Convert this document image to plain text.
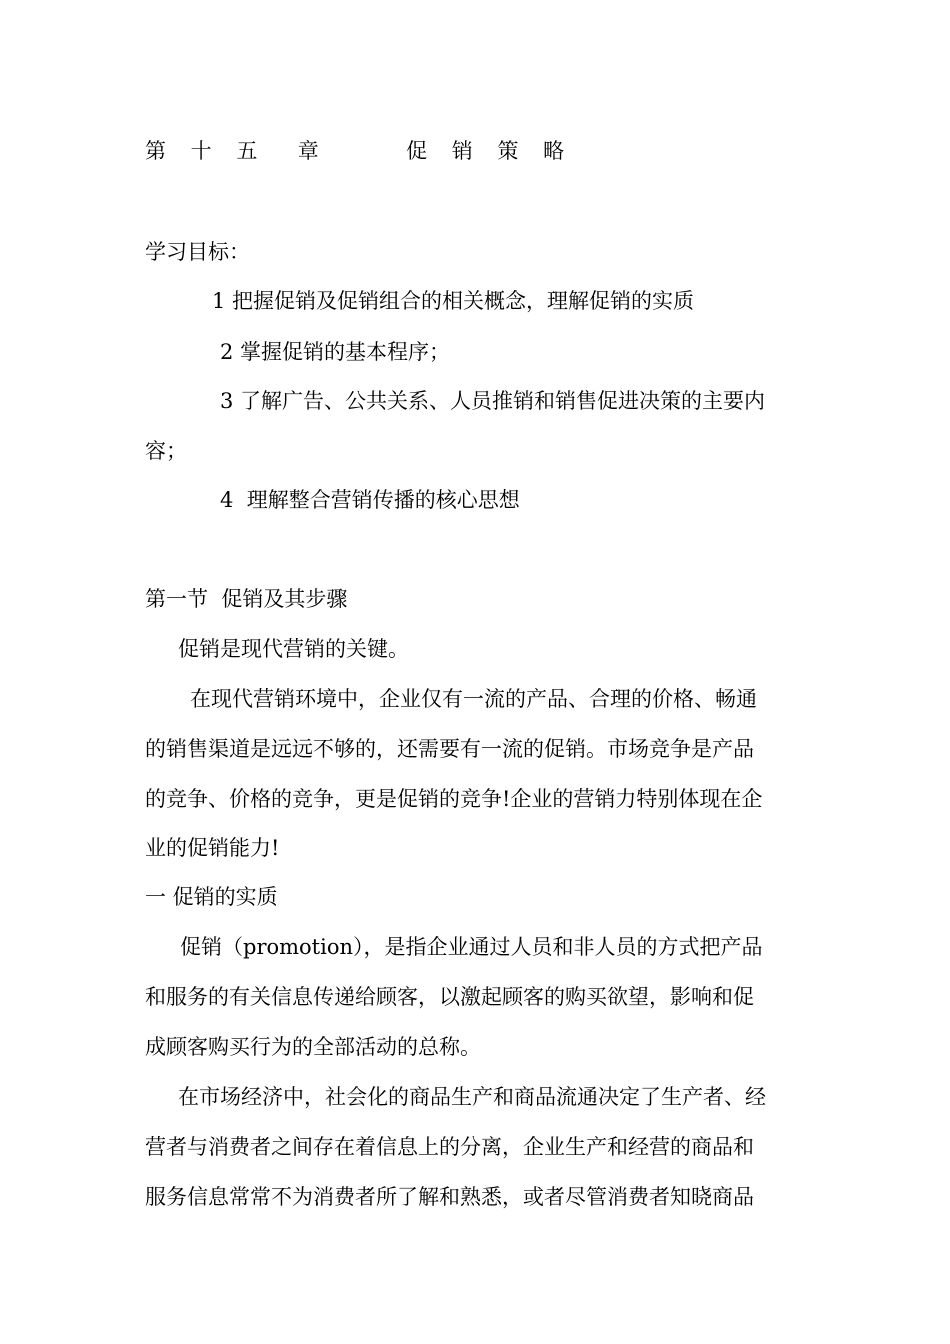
第 十 五  章     促 销 策 略
学习目标：
1 把握促销及促销组合的相关概念，理解促销的实质
2 掌握促销的基本程序；
3 了解广告、公共关系、人员推销和销售促进决策的主要内
容；
4  理解整合营销传播的核心思想
第一节  促销及其步骤
促销是现代营销的关键。
在现代营销环境中，企业仅有一流的产品、合理的价格、畅通
的销售渠道是远远不够的，还需要有一流的促销。市场竞争是产品
的竞争、价格的竞争，更是促销的竞争!企业的营销力特别体现在企
业的促销能力!
一 促销的实质
促销（promotion），是指企业通过人员和非人员的方式把产品
和服务的有关信息传递给顾客，以激起顾客的购买欲望，影响和促
成顾客购买行为的全部活动的总称。
在市场经济中，社会化的商品生产和商品流通决定了生产者、经
营者与消费者之间存在着信息上的分离，企业生产和经营的商品和
服务信息常常不为消费者所了解和熟悉，或者尽管消费者知晓商品
